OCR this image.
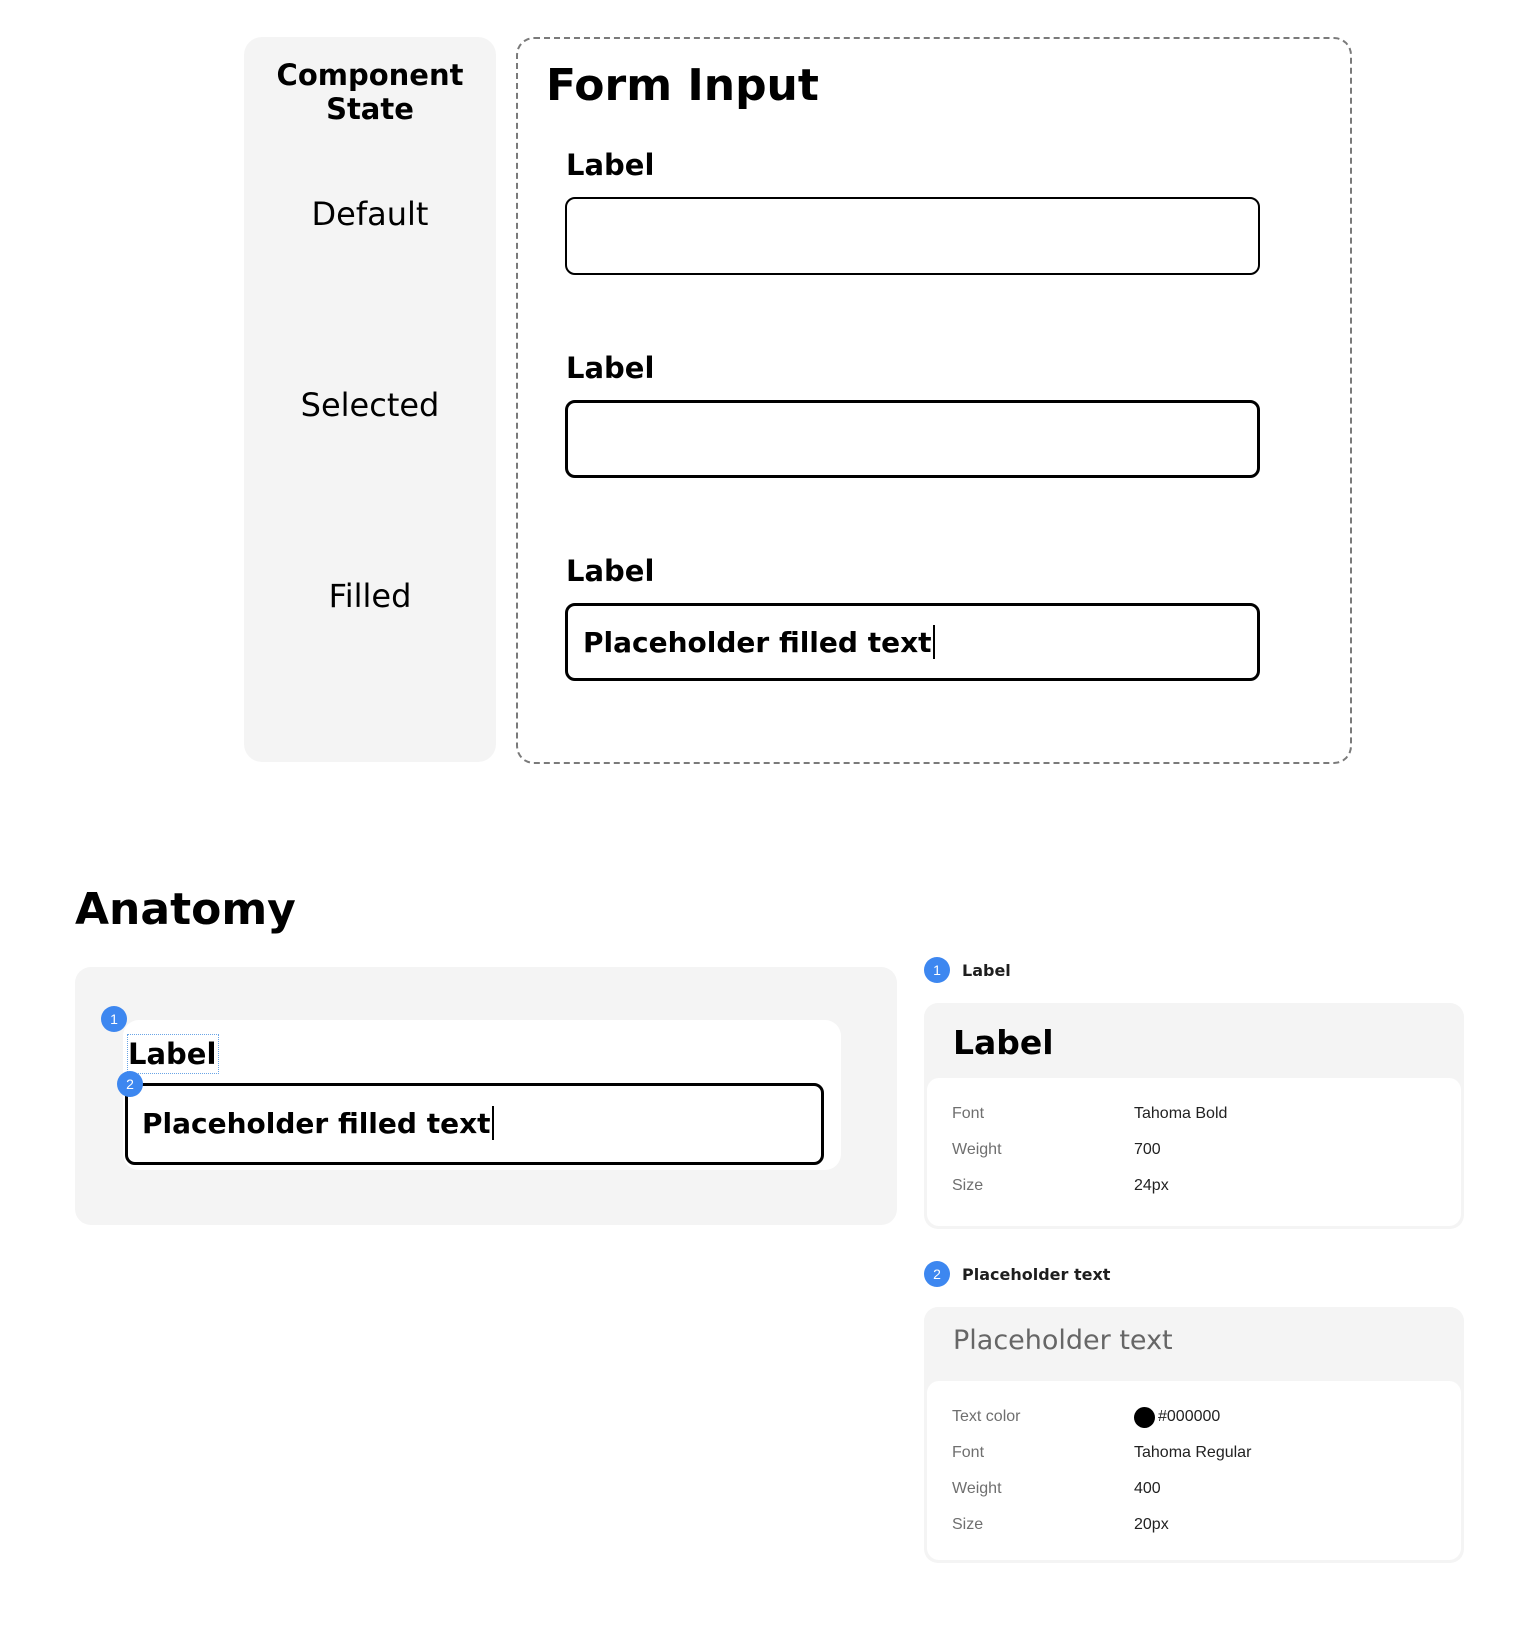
Component
State
Default
Selected
Filled
Form Input
Label
Label
Label
Placeholder filled text
Anatomy
Label
1
Placeholder filled text
2
1	Label
Label
Font	Tahoma Bold
Weight	700
Size	24px
2	Placeholder text
Placeholder text
Text color	#000000
Font	Tahoma Regular
Weight	400
Size	20px
